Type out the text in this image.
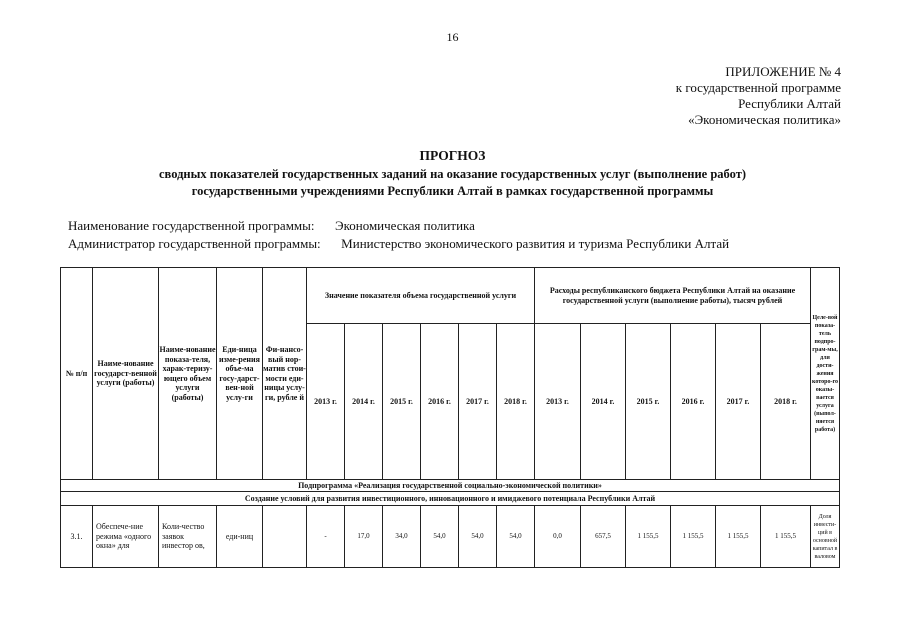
16
ПРИЛОЖЕНИЕ № 4
к государственной программе
Республики Алтай
«Экономическая политика»
ПРОГНОЗ
сводных показателей государственных заданий на оказание государственных услуг (выполнение работ)
государственными учреждениями Республики Алтай в рамках государственной программы
Наименование государственной программы: Экономическая политика
Администратор государственной программы: Министерство экономического развития и туризма Республики Алтай
№ п/п	Наиме-нование государст-венной услуги (работы)	Наиме-нование показа-теля, харак-теризу-ющего объем услуги (работы)	Еди-ница изме-рения объе-ма госу-дарст-вен-ной услу-ги	Фи-нансо-вый нор-матив стои-мости еди-ницы услу-ги, рубле й	Значение показателя объема государственной услуги						Расходы республиканского бюджета Республики Алтай на оказание государственной услуги (выполнение работы), тысяч рублей						Целе-вой показа-тель подпро-грам-мы, для дости-жения которо-го оказы-вается услуга (выпол-няется работа)
					2013 г.	2014 г.	2015 г.	2016 г.	2017 г.	2018 г.	2013 г.	2014 г.	2015 г.	2016 г.	2017 г.	2018 г.	
Подпрограмма «Реализация государственной социально-экономической политики»																	
Создание условий для развития инвестиционного, инновационного и имиджевого потенциала Республики Алтай																	
3.1.	Обеспече-ние режима «одного окна» для	Коли-чество заявок инвестор ов,	еди-ниц		-	17,0	34,0	54,0	54,0	54,0	0,0	657,5	1 155,5	1 155,5	1 155,5	1 155,5	Доля инвести-ций в основной капитал в валовом
